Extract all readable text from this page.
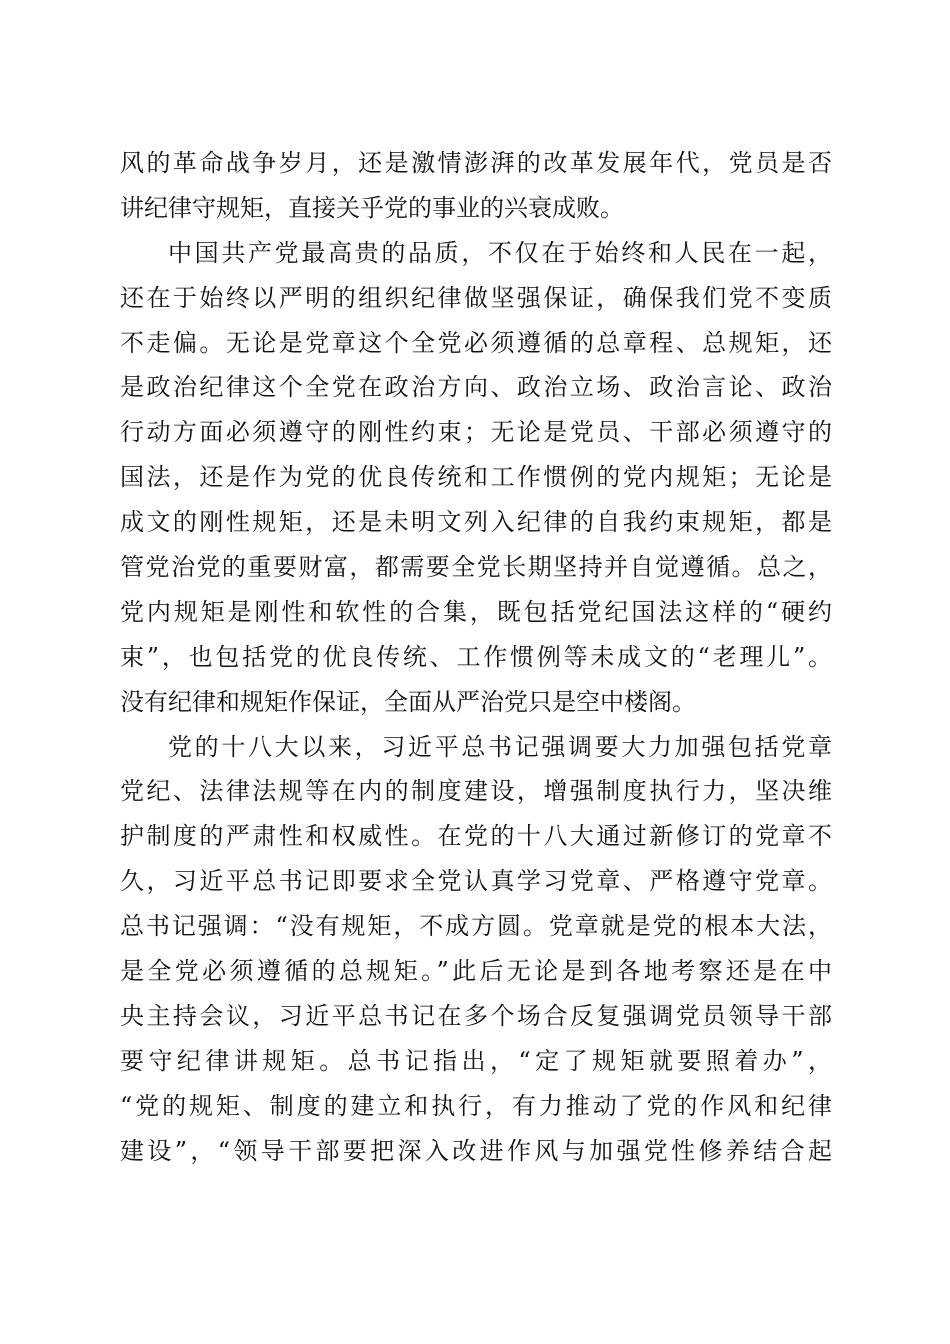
风的革命战争岁月，还是激情澎湃的改革发展年代，党员是否
讲纪律守规矩，直接关乎党的事业的兴衰成败。
中国共产党最高贵的品质，不仅在于始终和人民在一起，
还在于始终以严明的组织纪律做坚强保证，确保我们党不变质
不走偏。无论是党章这个全党必须遵循的总章程、总规矩，还
是政治纪律这个全党在政治方向、政治立场、政治言论、政治
行动方面必须遵守的刚性约束；无论是党员、干部必须遵守的
国法，还是作为党的优良传统和工作惯例的党内规矩；无论是
成文的刚性规矩，还是未明文列入纪律的自我约束规矩，都是
管党治党的重要财富，都需要全党长期坚持并自觉遵循。总之，
党内规矩是刚性和软性的合集，既包括党纪国法这样的“硬约
束”，也包括党的优良传统、工作惯例等未成文的“老理儿”。
没有纪律和规矩作保证，全面从严治党只是空中楼阁。
党的十八大以来，习近平总书记强调要大力加强包括党章
党纪、法律法规等在内的制度建设，增强制度执行力，坚决维
护制度的严肃性和权威性。在党的十八大通过新修订的党章不
久，习近平总书记即要求全党认真学习党章、严格遵守党章。
总书记强调：“没有规矩，不成方圆。党章就是党的根本大法，
是全党必须遵循的总规矩。”此后无论是到各地考察还是在中
央主持会议，习近平总书记在多个场合反复强调党员领导干部
要守纪律讲规矩。总书记指出，“定了规矩就要照着办”，
“党的规矩、制度的建立和执行，有力推动了党的作风和纪律
建设”，“领导干部要把深入改进作风与加强党性修养结合起
